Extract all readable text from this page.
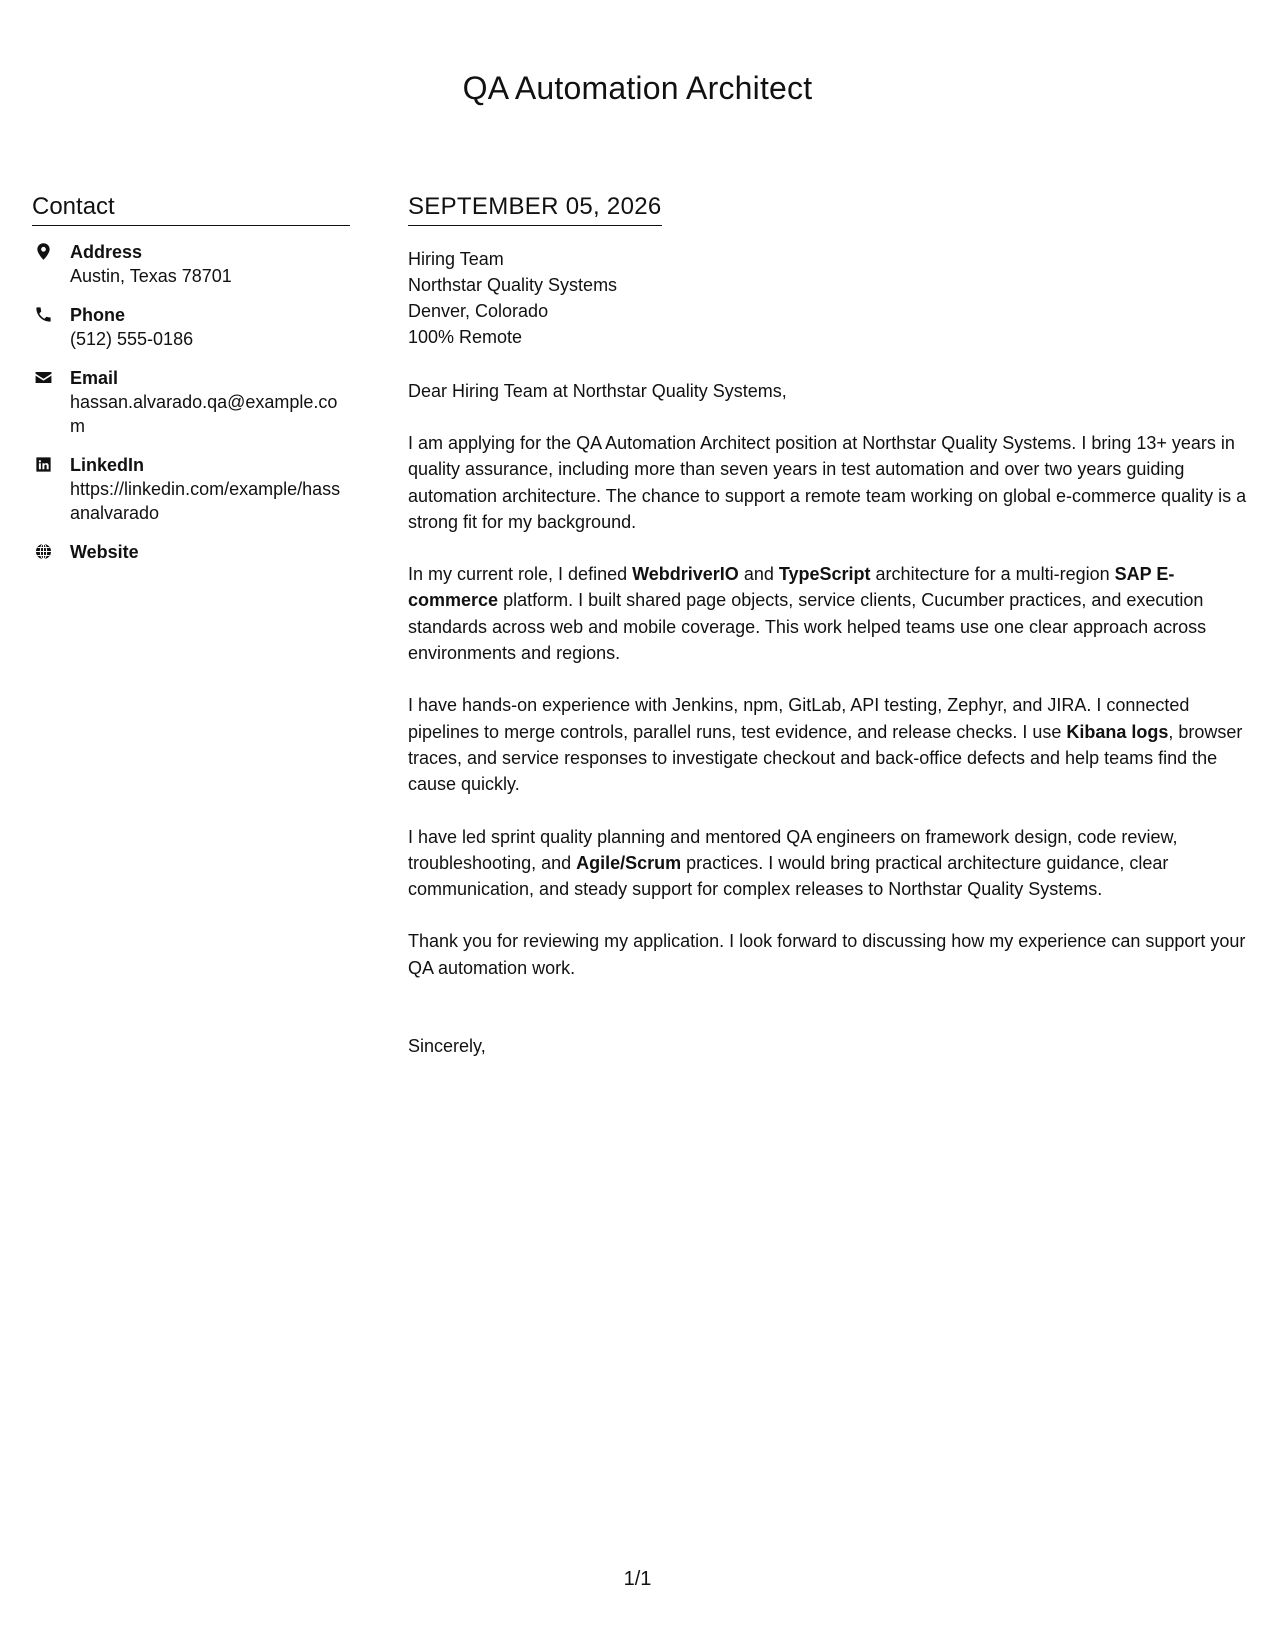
QA Automation Architect
Contact
Address
Austin, Texas 78701
Phone
(512) 555-0186
Email
hassan.alvarado.qa@example.com
LinkedIn
https://linkedin.com/example/hassanalvarado
Website
SEPTEMBER 05, 2026
Hiring Team
Northstar Quality Systems
Denver, Colorado
100% Remote

Dear Hiring Team at Northstar Quality Systems,

I am applying for the QA Automation Architect position at Northstar Quality Systems. I bring 13+ years in quality assurance, including more than seven years in test automation and over two years guiding automation architecture. The chance to support a remote team working on global e-commerce quality is a strong fit for my background.

In my current role, I defined WebdriverIO and TypeScript architecture for a multi-region SAP E-commerce platform. I built shared page objects, service clients, Cucumber practices, and execution standards across web and mobile coverage. This work helped teams use one clear approach across environments and regions.

I have hands-on experience with Jenkins, npm, GitLab, API testing, Zephyr, and JIRA. I connected pipelines to merge controls, parallel runs, test evidence, and release checks. I use Kibana logs, browser traces, and service responses to investigate checkout and back-office defects and help teams find the cause quickly.

I have led sprint quality planning and mentored QA engineers on framework design, code review, troubleshooting, and Agile/Scrum practices. I would bring practical architecture guidance, clear communication, and steady support for complex releases to Northstar Quality Systems.

Thank you for reviewing my application. I look forward to discussing how my experience can support your QA automation work.

Sincerely,

1/1
